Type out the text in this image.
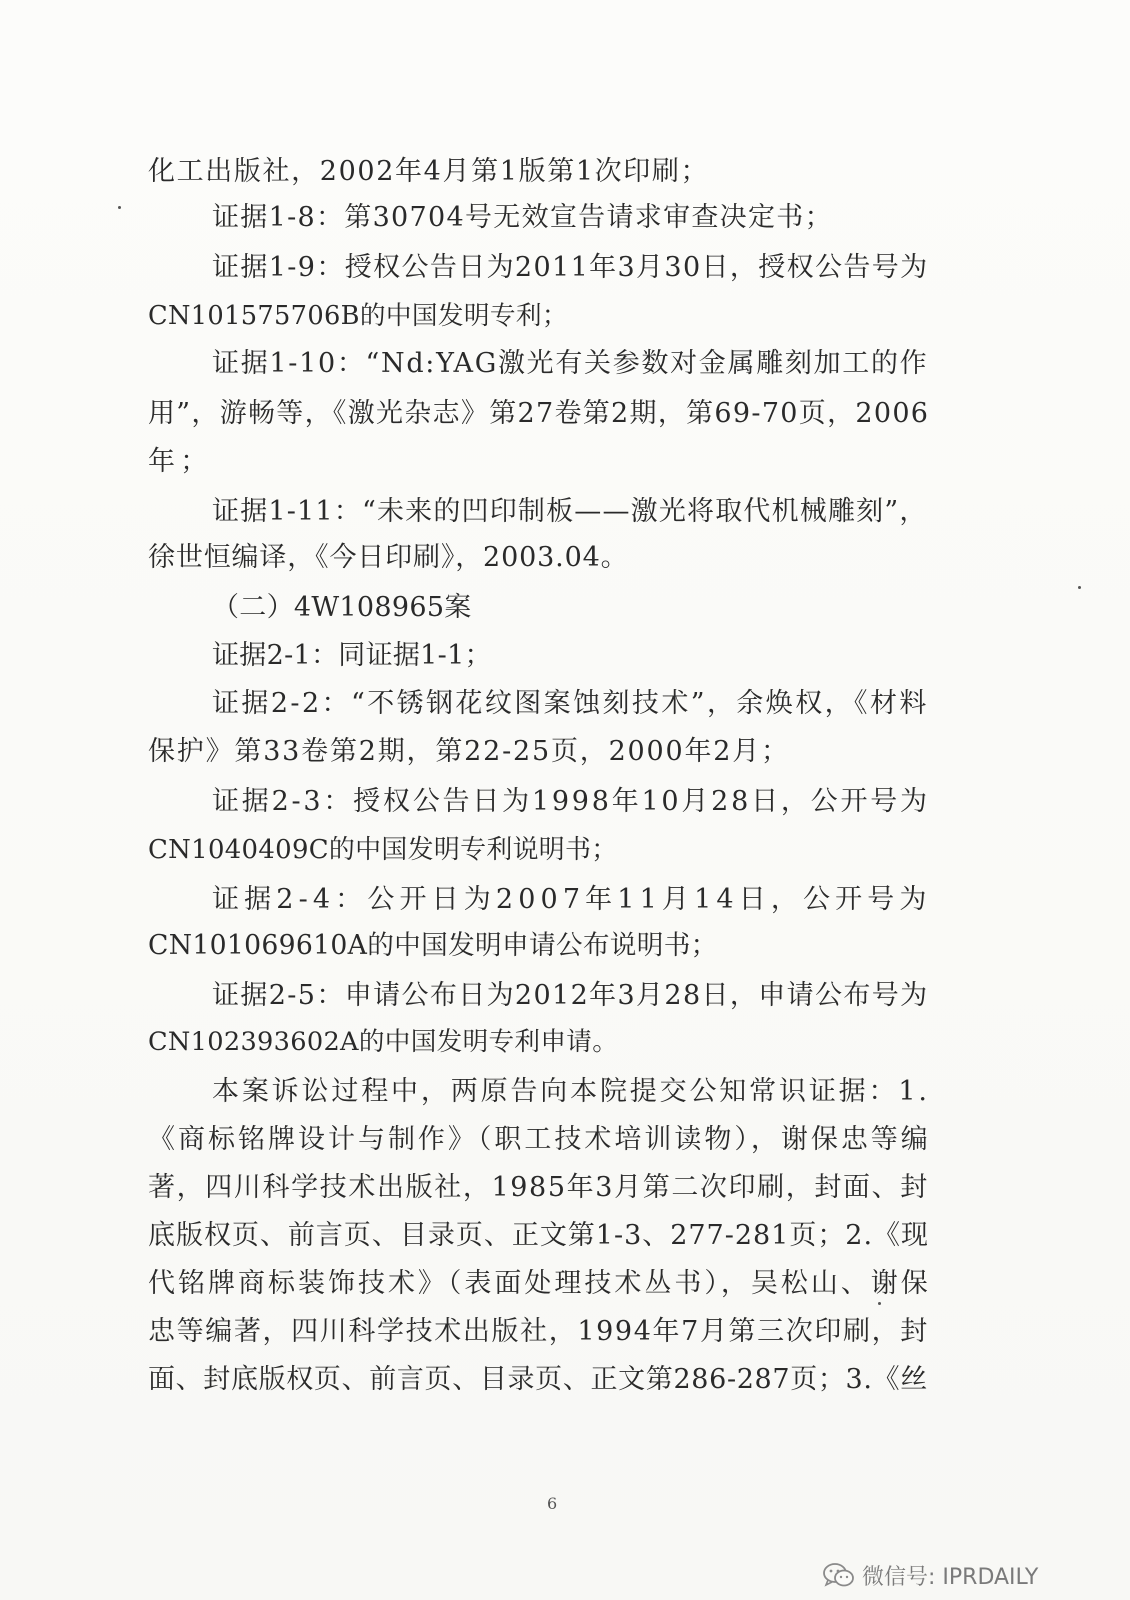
化工出版社，2002年4月第1版第1次印刷；
证据1-8：第30704号无效宣告请求审查决定书；
证据1-9：授权公告日为2011年3月30日，授权公告号为
CN101575706B的中国发明专利；
证据1-10：“Nd:YAG激光有关参数对金属雕刻加工的作
用”，游畅等，《激光杂志》第27卷第2期，第69-70页，2006
年；
证据1-11：“未来的凹印制板——激光将取代机械雕刻”，
徐世恒编译，《今日印刷》，2003.04。
（二）4W108965案
证据2-1：同证据1-1；
证据2-2：“不锈钢花纹图案蚀刻技术”，余焕权，《材料
保护》第33卷第2期，第22-25页，2000年2月；
证据2-3：授权公告日为1998年10月28日，公开号为
CN1040409C的中国发明专利说明书；
证据2-4：公开日为2007年11月14日，公开号为
CN101069610A的中国发明申请公布说明书；
证据2-5：申请公布日为2012年3月28日，申请公布号为
CN102393602A的中国发明专利申请。
本案诉讼过程中，两原告向本院提交公知常识证据：1.
《商标铭牌设计与制作》（职工技术培训读物），谢保忠等编
著，四川科学技术出版社，1985年3月第二次印刷，封面、封
底版权页、前言页、目录页、正文第1-3、277-281页；2.《现
代铭牌商标装饰技术》（表面处理技术丛书），吴松山、谢保
忠等编著，四川科学技术出版社，1994年7月第三次印刷，封
面、封底版权页、前言页、目录页、正文第286-287页；3.《丝
6
微信号: IPRDAILY
